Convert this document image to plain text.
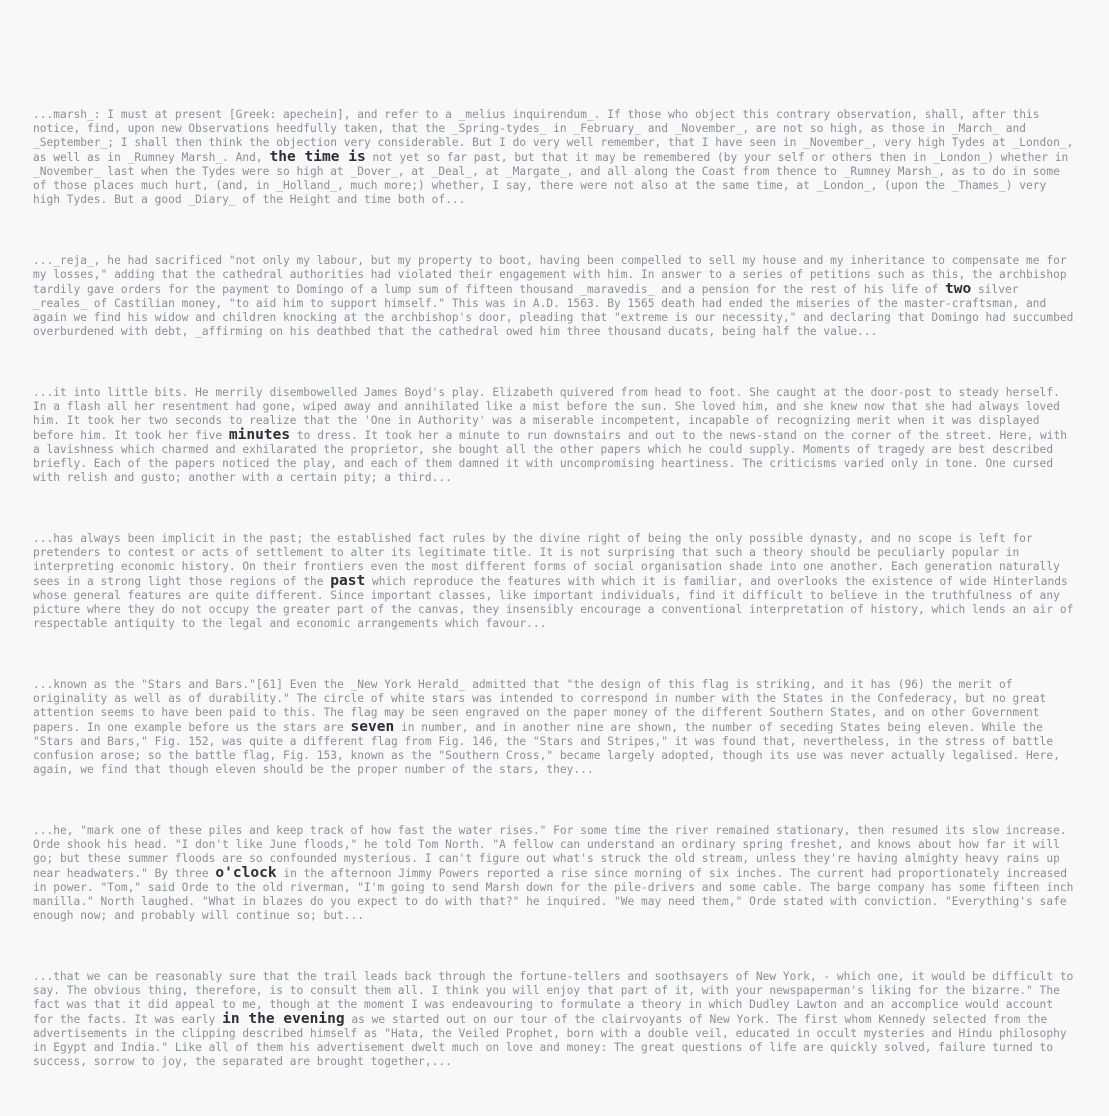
...marsh_: I must at present [Greek: apechein], and refer to a _melius inquirendum_. If those who object this contrary observation, shall, after this notice, find, upon new Observations heedfully taken, that the _Spring-tydes_ in _February_ and _November_, are not so high, as those in _March_ and _September_; I shall then think the objection very considerable. But I do very well remember, that I have seen in _November_, very high Tydes at _London_, as well as in _Rumney Marsh_. And, the time is not yet so far past, but that it may be remembered (by your self or others then in _London_) whether in _November_ last when the Tydes were so high at _Dover_, at _Deal_, at _Margate_, and all along the Coast from thence to _Rumney Marsh_, as to do in some of those places much hurt, (and, in _Holland_, much more;) whether, I say, there were not also at the same time, at _London_, (upon the _Thames_) very high Tydes. But a good _Diary_ of the Height and time both of...

..._reja_, he had sacrificed "not only my labour, but my property to boot, having been compelled to sell my house and my inheritance to compensate me for my losses," adding that the cathedral authorities had violated their engagement with him. In answer to a series of petitions such as this, the archbishop tardily gave orders for the payment to Domingo of a lump sum of fifteen thousand _maravedis_ and a pension for the rest of his life of two silver _reales_ of Castilian money, "to aid him to support himself." This was in A.D. 1563. By 1565 death had ended the miseries of the master-craftsman, and again we find his widow and children knocking at the archbishop's door, pleading that "extreme is our necessity," and declaring that Domingo had succumbed overburdened with debt, _affirming on his deathbed that the cathedral owed him three thousand ducats, being half the value...

...it into little bits. He merrily disembowelled James Boyd's play. Elizabeth quivered from head to foot. She caught at the door-post to steady herself. In a flash all her resentment had gone, wiped away and annihilated like a mist before the sun. She loved him, and she knew now that she had always loved him. It took her two seconds to realize that the 'One in Authority' was a miserable incompetent, incapable of recognizing merit when it was displayed before him. It took her five minutes to dress. It took her a minute to run downstairs and out to the news-stand on the corner of the street. Here, with a lavishness which charmed and exhilarated the proprietor, she bought all the other papers which he could supply. Moments of tragedy are best described briefly. Each of the papers noticed the play, and each of them damned it with uncompromising heartiness. The criticisms varied only in tone. One cursed with relish and gusto; another with a certain pity; a third...

...has always been implicit in the past; the established fact rules by the divine right of being the only possible dynasty, and no scope is left for pretenders to contest or acts of settlement to alter its legitimate title. It is not surprising that such a theory should be peculiarly popular in interpreting economic history. On their frontiers even the most different forms of social organisation shade into one another. Each generation naturally sees in a strong light those regions of the past which reproduce the features with which it is familiar, and overlooks the existence of wide Hinterlands whose general features are quite different. Since important classes, like important individuals, find it difficult to believe in the truthfulness of any picture where they do not occupy the greater part of the canvas, they insensibly encourage a conventional interpretation of history, which lends an air of respectable antiquity to the legal and economic arrangements which favour...

...known as the "Stars and Bars."[61] Even the _New York Herald_ admitted that "the design of this flag is striking, and it has (96) the merit of originality as well as of durability." The circle of white stars was intended to correspond in number with the States in the Confederacy, but no great attention seems to have been paid to this. The flag may be seen engraved on the paper money of the different Southern States, and on other Government papers. In one example before us the stars are seven in number, and in another nine are shown, the number of seceding States being eleven. While the "Stars and Bars," Fig. 152, was quite a different flag from Fig. 146, the "Stars and Stripes," it was found that, nevertheless, in the stress of battle confusion arose; so the battle flag, Fig. 153, known as the "Southern Cross," became largely adopted, though its use was never actually legalised. Here, again, we find that though eleven should be the proper number of the stars, they...

...he, "mark one of these piles and keep track of how fast the water rises." For some time the river remained stationary, then resumed its slow increase. Orde shook his head. "I don't like June floods," he told Tom North. "A fellow can understand an ordinary spring freshet, and knows about how far it will go; but these summer floods are so confounded mysterious. I can't figure out what's struck the old stream, unless they're having almighty heavy rains up near headwaters." By three o'clock in the afternoon Jimmy Powers reported a rise since morning of six inches. The current had proportionately increased in power. "Tom," said Orde to the old riverman, "I'm going to send Marsh down for the pile-drivers and some cable. The barge company has some fifteen inch manilla." North laughed. "What in blazes do you expect to do with that?" he inquired. "We may need them," Orde stated with conviction. "Everything's safe enough now; and probably will continue so; but...

...that we can be reasonably sure that the trail leads back through the fortune-tellers and soothsayers of New York, - which one, it would be difficult to say. The obvious thing, therefore, is to consult them all. I think you will enjoy that part of it, with your newspaperman's liking for the bizarre." The fact was that it did appeal to me, though at the moment I was endeavouring to formulate a theory in which Dudley Lawton and an accomplice would account for the facts. It was early in the evening as we started out on our tour of the clairvoyants of New York. The first whom Kennedy selected from the advertisements in the clipping described himself as "Hata, the Veiled Prophet, born with a double veil, educated in occult mysteries and Hindu philosophy in Egypt and India." Like all of them his advertisement dwelt much on love and money: The great questions of life are quickly solved, failure turned to success, sorrow to joy, the separated are brought together,...
